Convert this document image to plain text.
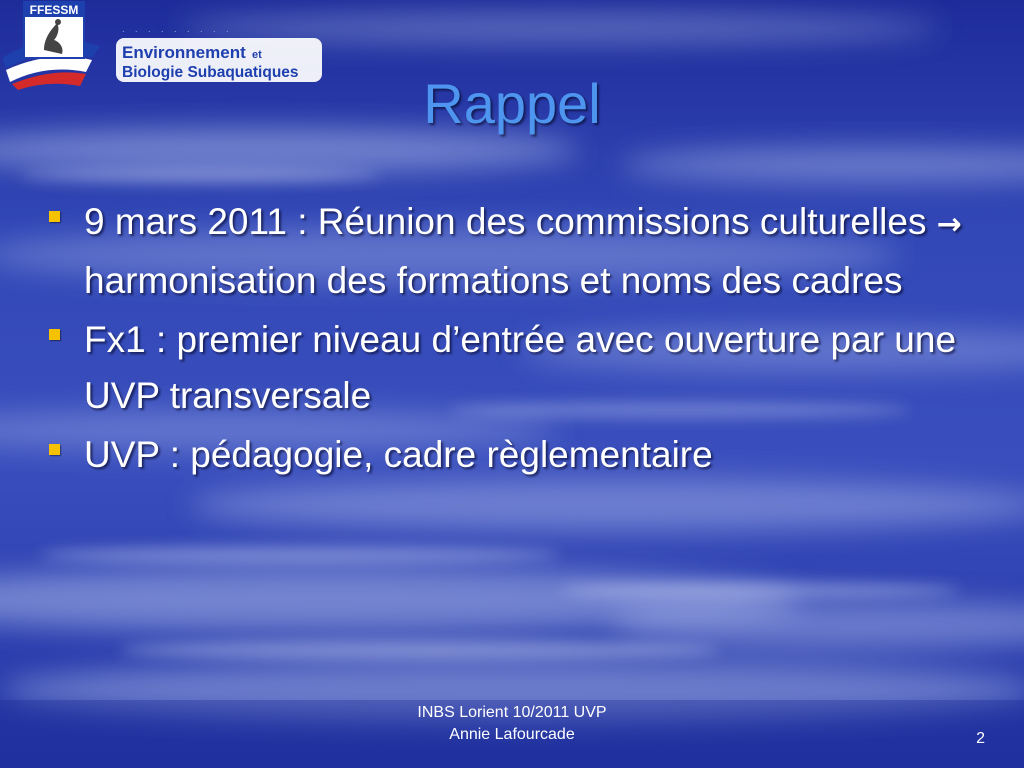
FFESSM
. . . . . . . . .
Environnement et
Biologie Subaquatiques	Rappel
9 mars 2011 : Réunion des commissions culturelles → harmonisation des formations et noms des cadres
Fx1 : premier niveau d’entrée avec ouverture par une UVP transversale
UVP : pédagogie, cadre règlementaire
INBS Lorient 10/2011 UVP
Annie Lafourcade	2
